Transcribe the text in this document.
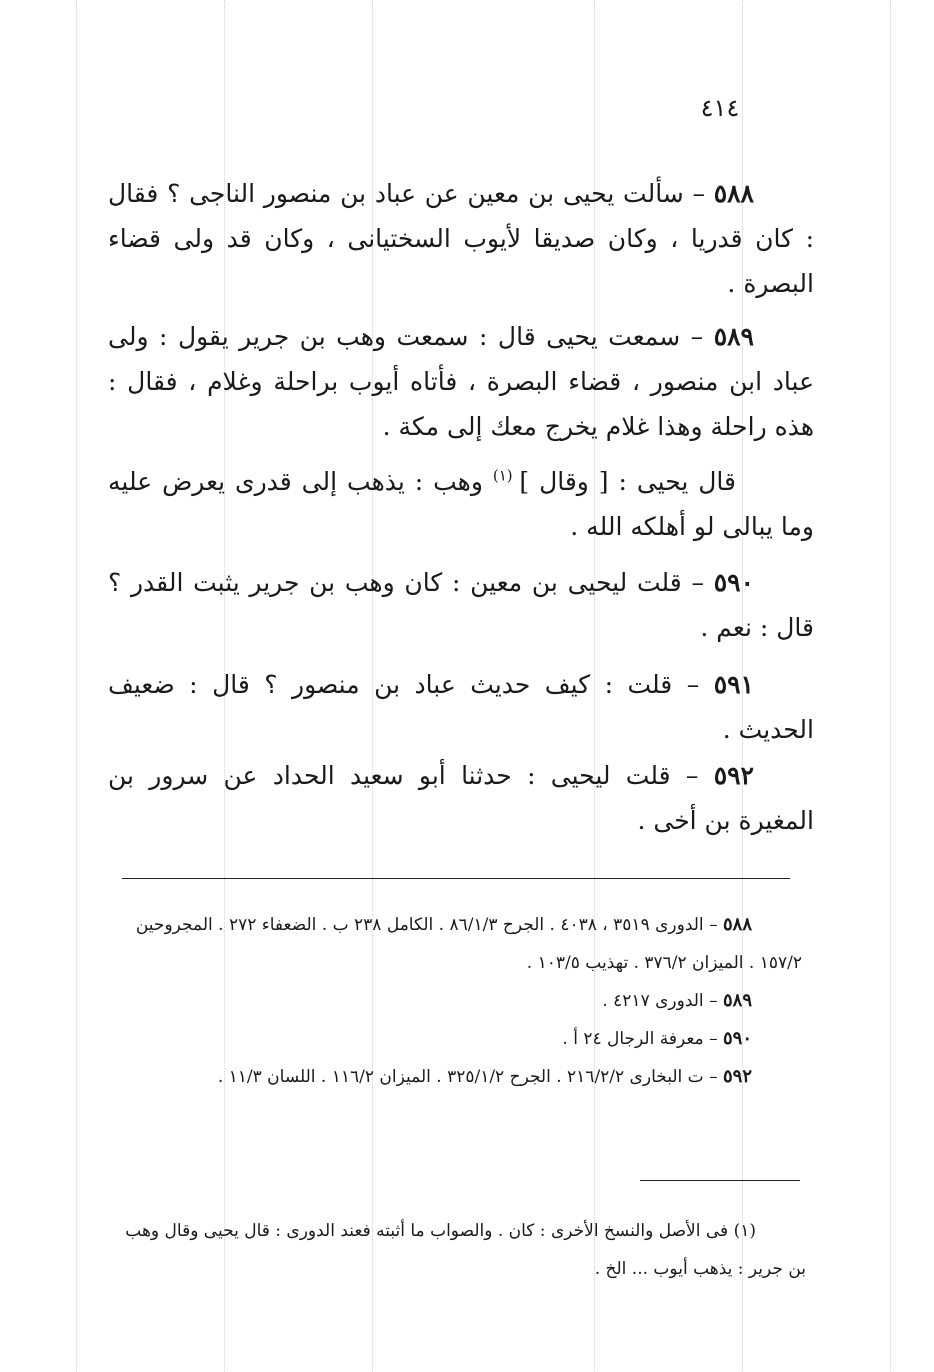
٤١٤

٥٨٨ – سألت يحيى بن معين عن عباد بن منصور الناجى ؟ فقال : كان قدريا ، وكان صديقا لأيوب السختيانى ، وكان قد ولى قضاء البصرة .

٥٨٩ – سمعت يحيى قال : سمعت وهب بن جرير يقول : ولى عباد ابن منصور ، قضاء البصرة ، فأتاه أيوب براحلة وغلام ، فقال : هذه راحلة وهذا غلام يخرج معك إلى مكة .

قال يحيى : [ وقال ] $^{(١)}$ وهب : يذهب إلى قدرى يعرض عليه وما يبالى لو أهلكه الله .

٥٩٠ – قلت ليحيى بن معين : كان وهب بن جرير يثبت القدر ؟ قال : نعم .

٥٩١ – قلت : كيف حديث عباد بن منصور ؟ قال : ضعيف الحديث .

٥٩٢ – قلت ليحيى : حدثنا أبو سعيد الحداد عن سرور بن المغيرة بن أخى .

٥٨٨ – الدورى ٣٥١٩ ، ٤٠٣٨ . الجرح ٨٦/١/٣ . الكامل ٢٣٨ ب . الضعفاء ٢٧٢ . المجروحين ١٥٧/٢ . الميزان ٣٧٦/٢ . تهذيب ١٠٣/٥ .

٥٨٩ – الدورى ٤٢١٧ .

٥٩٠ – معرفة الرجال ٢٤ أ .

٥٩٢ – ت البخارى ٢١٦/٢/٢ . الجرح ٣٢٥/١/٢ . الميزان ١١٦/٢ . اللسان ١١/٣ .

(١) فى الأصل والنسخ الأخرى : كان . والصواب ما أثبته فعند الدورى : قال يحيى وقال وهب بن جرير : يذهب أيوب ... الخ .
